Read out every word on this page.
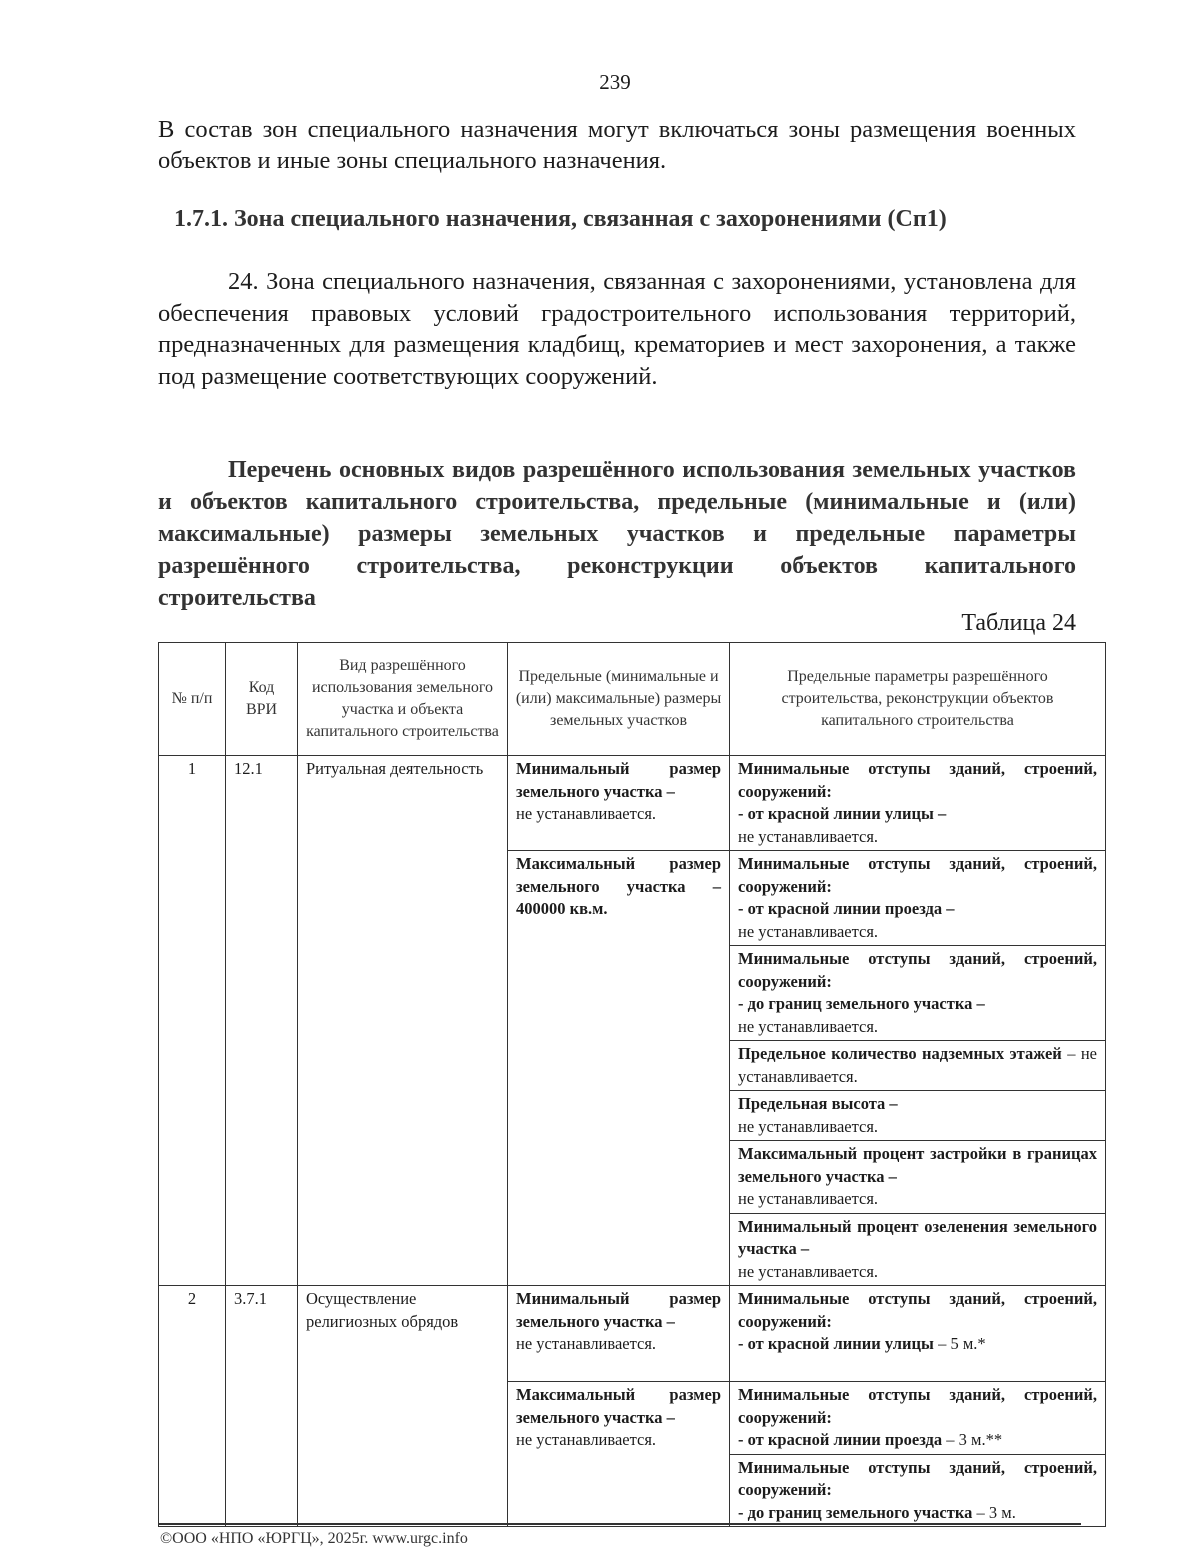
239
В состав зон специального назначения могут включаться зоны размещения военных объектов и иные зоны специального назначения.
1.7.1. Зона специального назначения, связанная с захоронениями (Сп1)
24. Зона специального назначения, связанная с захоронениями, установлена для обеспечения правовых условий градостроительного использования территорий, предназначенных для размещения кладбищ, крематориев и мест захоронения, а также под размещение соответствующих сооружений.
Перечень основных видов разрешённого использования земельных участков и объектов капитального строительства, предельные (минимальные и (или) максимальные) размеры земельных участков и предельные параметры разрешённого строительства, реконструкции объектов капитального строительства
Таблица 24
№ п/п	Код ВРИ	Вид разрешённого использования земельного участка и объекта капитального строительства	Предельные (минимальные и (или) максимальные) размеры земельных участков	Предельные параметры разрешённого строительства, реконструкции объектов капитального строительства
1	12.1	Ритуальная деятельность	Минимальный размер земельного участка –
не устанавливается.	Минимальные отступы зданий, строений, сооружений:
- от красной линии улицы –
не устанавливается.
			Максимальный размер земельного участка – 400000 кв.м.	Минимальные отступы зданий, строений, сооружений:
- от красной линии проезда –
не устанавливается.
				Минимальные отступы зданий, строений, сооружений:
- до границ земельного участка –
не устанавливается.
				Предельное количество надземных этажей – не устанавливается.
				Предельная высота –
не устанавливается.
				Максимальный процент застройки в границах земельного участка –
не устанавливается.
				Минимальный процент озеленения земельного участка –
не устанавливается.
2	3.7.1	Осуществление религиозных обрядов	Минимальный размер земельного участка –
не устанавливается.	Минимальные отступы зданий, строений, сооружений:
- от красной линии улицы – 5 м.*
			Максимальный размер земельного участка –
не устанавливается.	Минимальные отступы зданий, строений, сооружений:
- от красной линии проезда – 3 м.**
				Минимальные отступы зданий, строений, сооружений:
- до границ земельного участка – 3 м.
©ООО «НПО «ЮРГЦ», 2025г. www.urgc.info
